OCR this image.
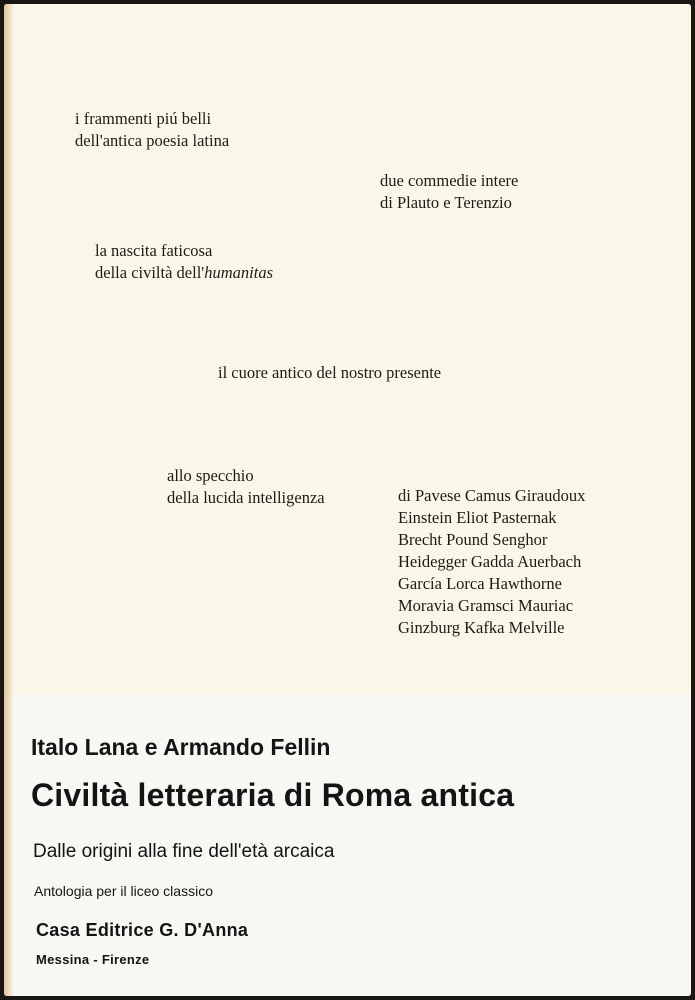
i frammenti piú belli
dell'antica poesia latina
due commedie intere
di Plauto e Terenzio
la nascita faticosa
della civiltà dell'humanitas
il cuore antico del nostro presente
allo specchio
della lucida intelligenza	di Pavese Camus Giraudoux
Einstein Eliot Pasternak
Brecht Pound Senghor
Heidegger Gadda Auerbach
García Lorca Hawthorne
Moravia Gramsci Mauriac
Ginzburg Kafka Melville
Italo Lana e Armando Fellin
Civiltà letteraria di Roma antica
Dalle origini alla fine dell'età arcaica
Antologia per il liceo classico
Casa Editrice G. D'Anna
Messina - Firenze
